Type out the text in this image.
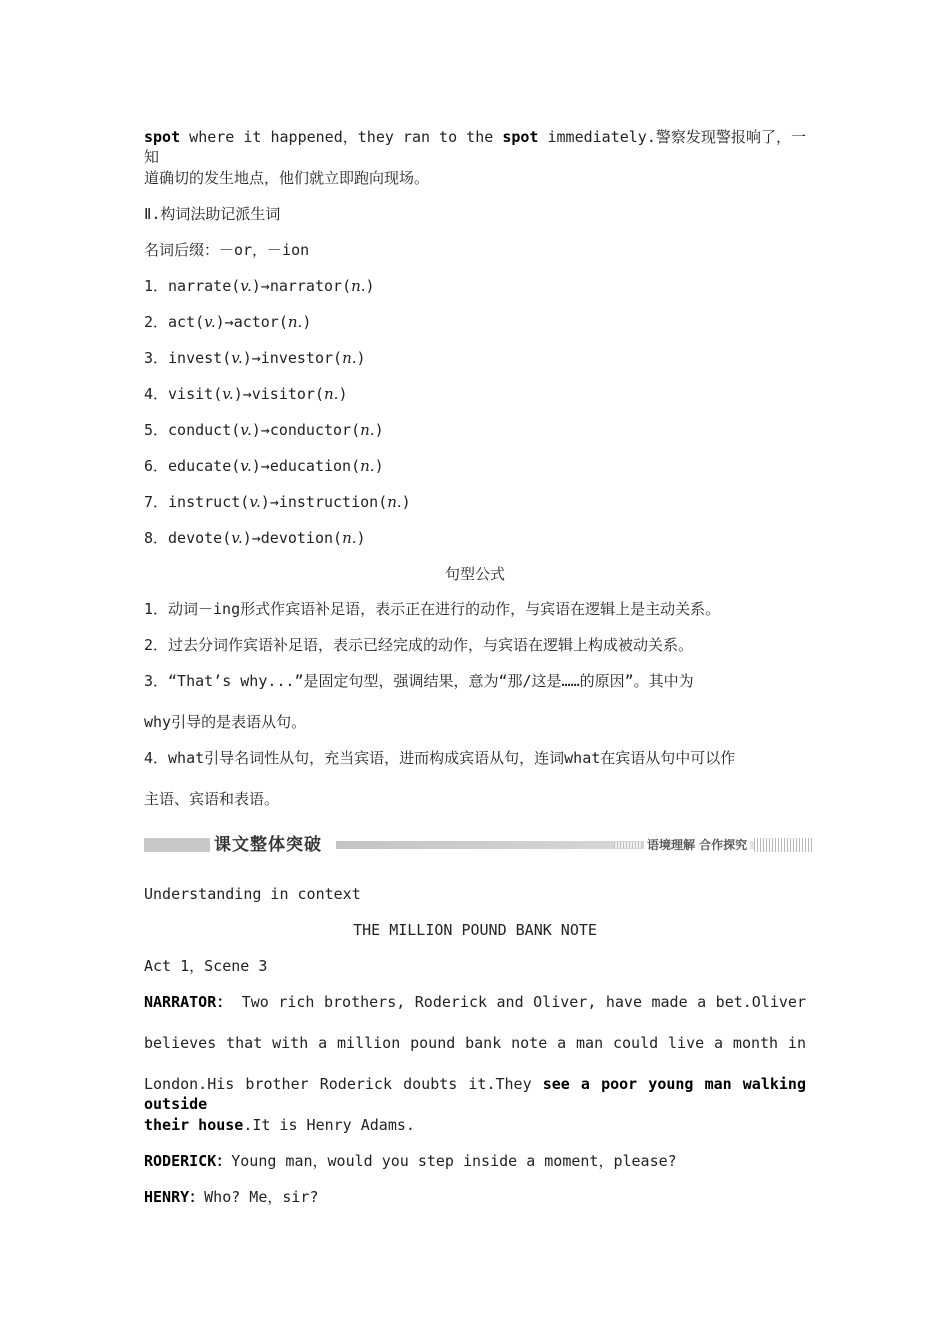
spot where it happened，they ran to the spot immediately.警察发现警报响了，一知
道确切的发生地点，他们就立即跑向现场。
Ⅱ.构词法助记派生词
名词后缀：－or，－ion
1．narrate(v.)→narrator(n.)
2．act(v.)→actor(n.)
3．invest(v.)→investor(n.)
4．visit(v.)→visitor(n.)
5．conduct(v.)→conductor(n.)
6．educate(v.)→education(n.)
7．instruct(v.)→instruction(n.)
8．devote(v.)→devotion(n.)
句型公式
1．动词－ing形式作宾语补足语，表示正在进行的动作，与宾语在逻辑上是主动关系。
2．过去分词作宾语补足语，表示已经完成的动作，与宾语在逻辑上构成被动关系。
3．“That’s why...”是固定句型，强调结果，意为“那/这是……的原因”。其中为
why引导的是表语从句。
4．what引导名词性从句，充当宾语，进而构成宾语从句，连词what在宾语从句中可以作
主语、宾语和表语。
课文整体突破	语境理解 合作探究
Understanding in context
THE MILLION POUND BANK NOTE
Act 1，Scene 3
NARRATOR： Two rich brothers, Roderick and Oliver, have made a bet.Oliver
believes that with a million pound bank note a man could live a month in
London.His brother Roderick doubts it.They see a poor young man walking outside
their house.It is Henry Adams.
RODERICK：Young man，would you step inside a moment，please?
HENRY：Who? Me，sir?
